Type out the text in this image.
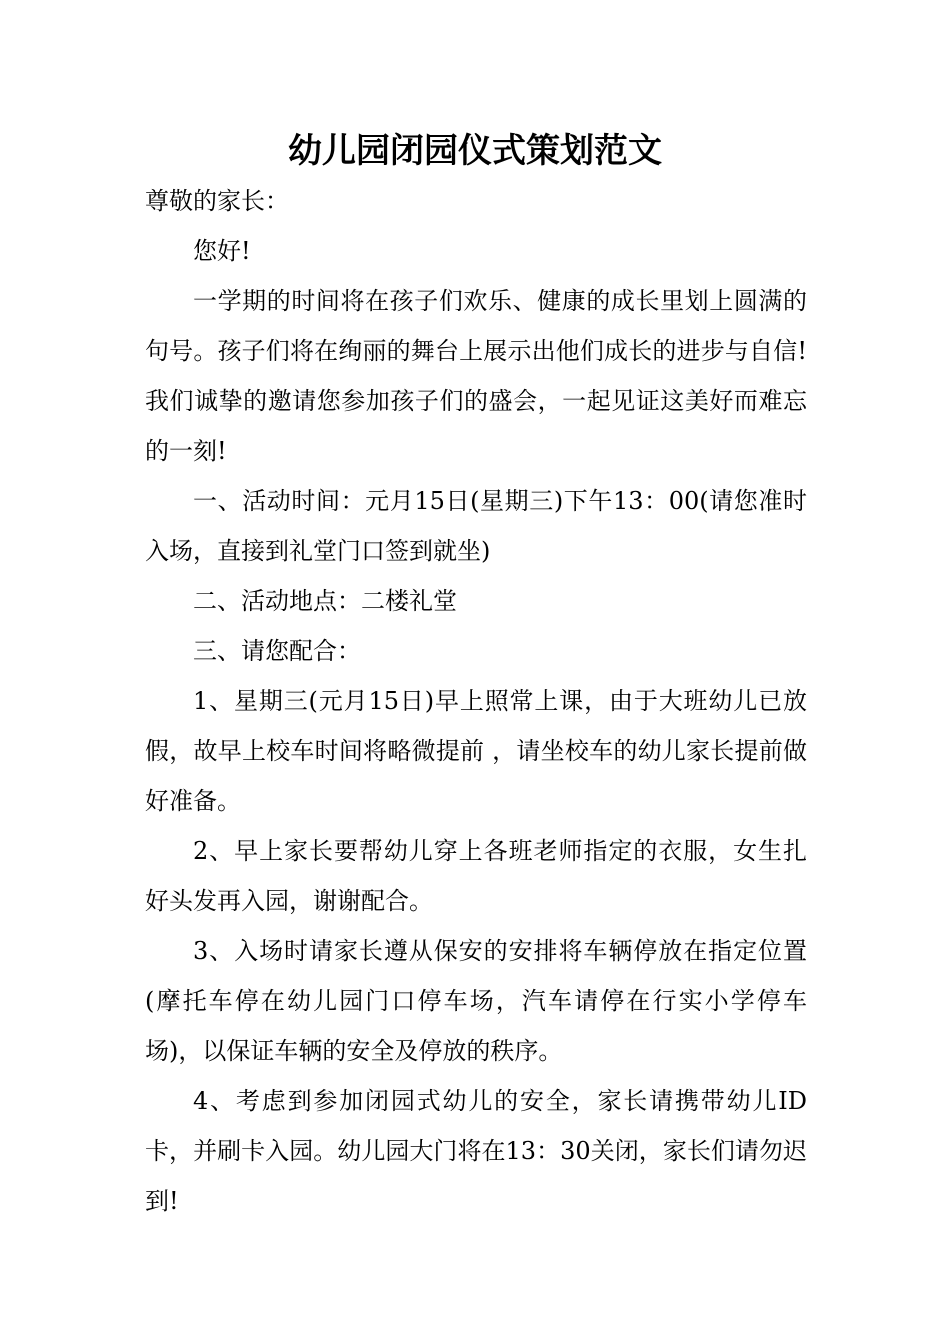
幼儿园闭园仪式策划范文

尊敬的家长：

您好!

一学期的时间将在孩子们欢乐、健康的成长里划上圆满的句号。孩子们将在绚丽的舞台上展示出他们成长的进步与自信!我们诚挚的邀请您参加孩子们的盛会，一起见证这美好而难忘的一刻!

一、活动时间：元月15日(星期三)下午13：00(请您准时入场，直接到礼堂门口签到就坐)

二、活动地点：二楼礼堂

三、请您配合：

1、星期三(元月15日)早上照常上课，由于大班幼儿已放假，故早上校车时间将略微提前 ，请坐校车的幼儿家长提前做好准备。

2、早上家长要帮幼儿穿上各班老师指定的衣服，女生扎好头发再入园，谢谢配合。

3、入场时请家长遵从保安的安排将车辆停放在指定位置(摩托车停在幼儿园门口停车场，汽车请停在行实小学停车场)，以保证车辆的安全及停放的秩序。

4、考虑到参加闭园式幼儿的安全，家长请携带幼儿ID卡，并刷卡入园。幼儿园大门将在13：30关闭，家长们请勿迟到!
